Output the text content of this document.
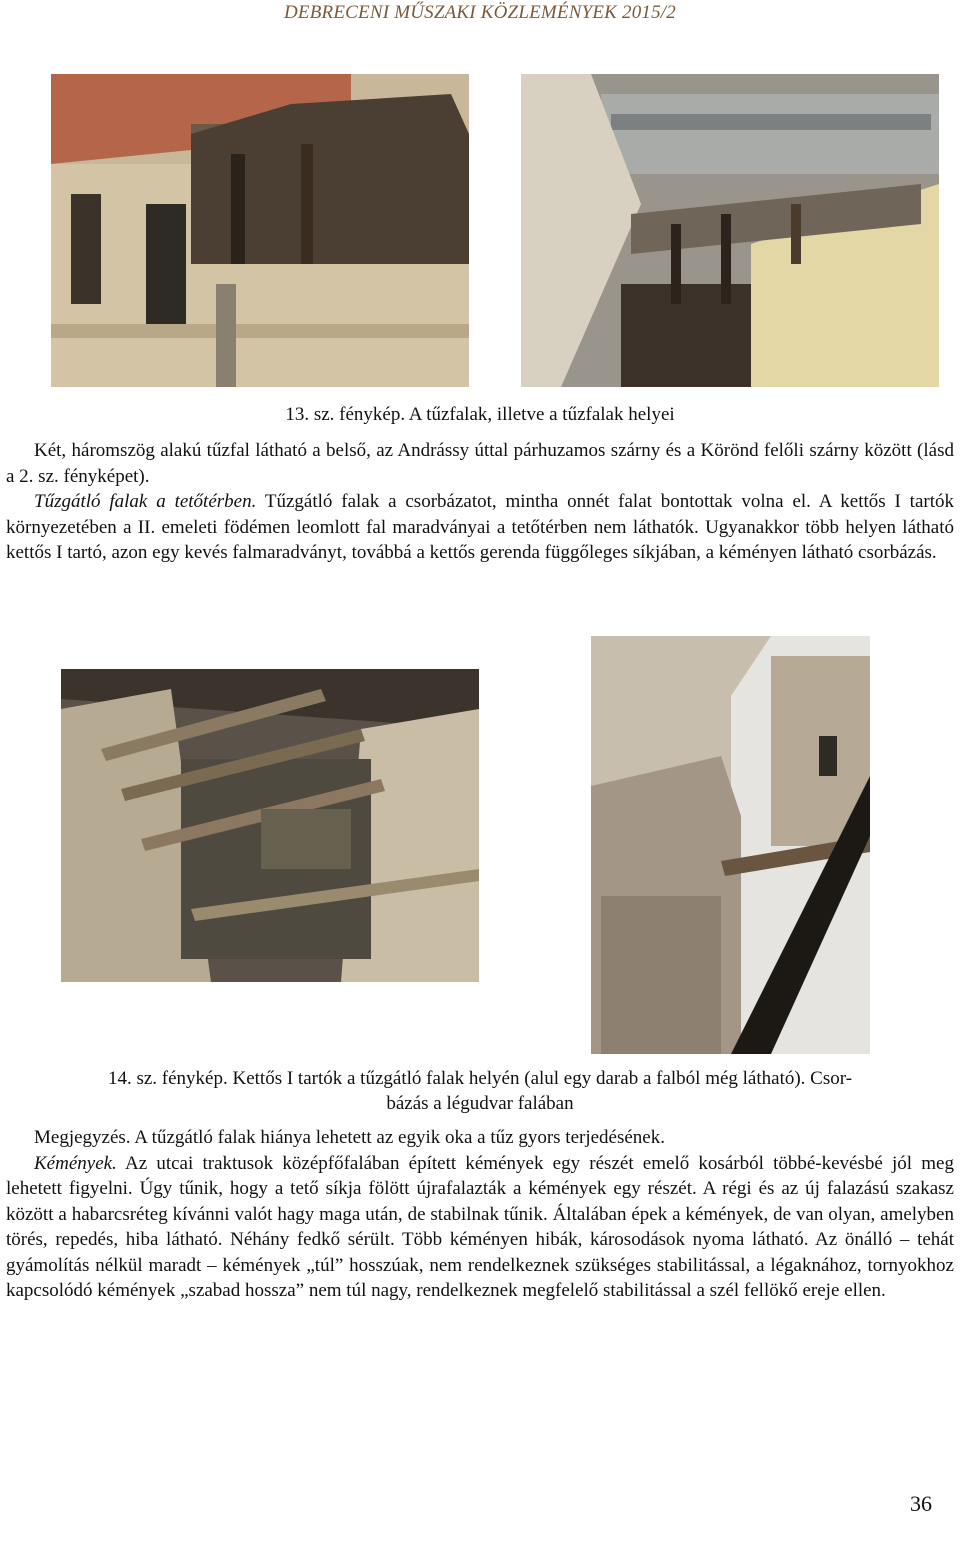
DEBRECENI MŰSZAKI KÖZLEMÉNYEK 2015/2
13. sz. fénykép. A tűzfalak, illetve a tűzfalak helyei

Két, háromszög alakú tűzfal látható a belső, az Andrássy úttal párhuzamos szárny és a Körönd felőli szárny között (lásd a 2. sz. fényképet).

Tűzgátló falak a tetőtérben. Tűzgátló falak a csorbázatot, mintha onnét falat bontottak volna el. A kettős I tartók környezetében a II. emeleti födémen leomlott fal maradványai a tetőtérben nem láthatók. Ugyanakkor több helyen látható kettős I tartó, azon egy kevés falmaradványt, továbbá a kettős gerenda függőleges síkjában, a kéményen látható csorbázás.

14. sz. fénykép. Kettős I tartók a tűzgátló falak helyén (alul egy darab a falból még látható). Csor-
bázás a légudvar falában

Megjegyzés. A tűzgátló falak hiánya lehetett az egyik oka a tűz gyors terjedésének.

Kémények. Az utcai traktusok középfőfalában épített kémények egy részét emelő kosárból többé-kevésbé jól meg lehetett figyelni. Úgy tűnik, hogy a tető síkja fölött újrafalazták a kémények egy részét. A régi és az új falazású szakasz között a habarcsréteg kívánni valót hagy maga után, de stabilnak tűnik. Általában épek a kémények, de van olyan, amelyben törés, repedés, hiba látható. Néhány fedkő sérült. Több kéményen hibák, károsodások nyoma látható. Az önálló – tehát gyámolítás nélkül maradt – kémények „túl” hosszúak, nem rendelkeznek szükséges stabilitással, a légaknához, tornyokhoz kapcsolódó kémények „szabad hossza” nem túl nagy, rendelkeznek megfelelő stabilitással a szél fellökő ereje ellen.

36
